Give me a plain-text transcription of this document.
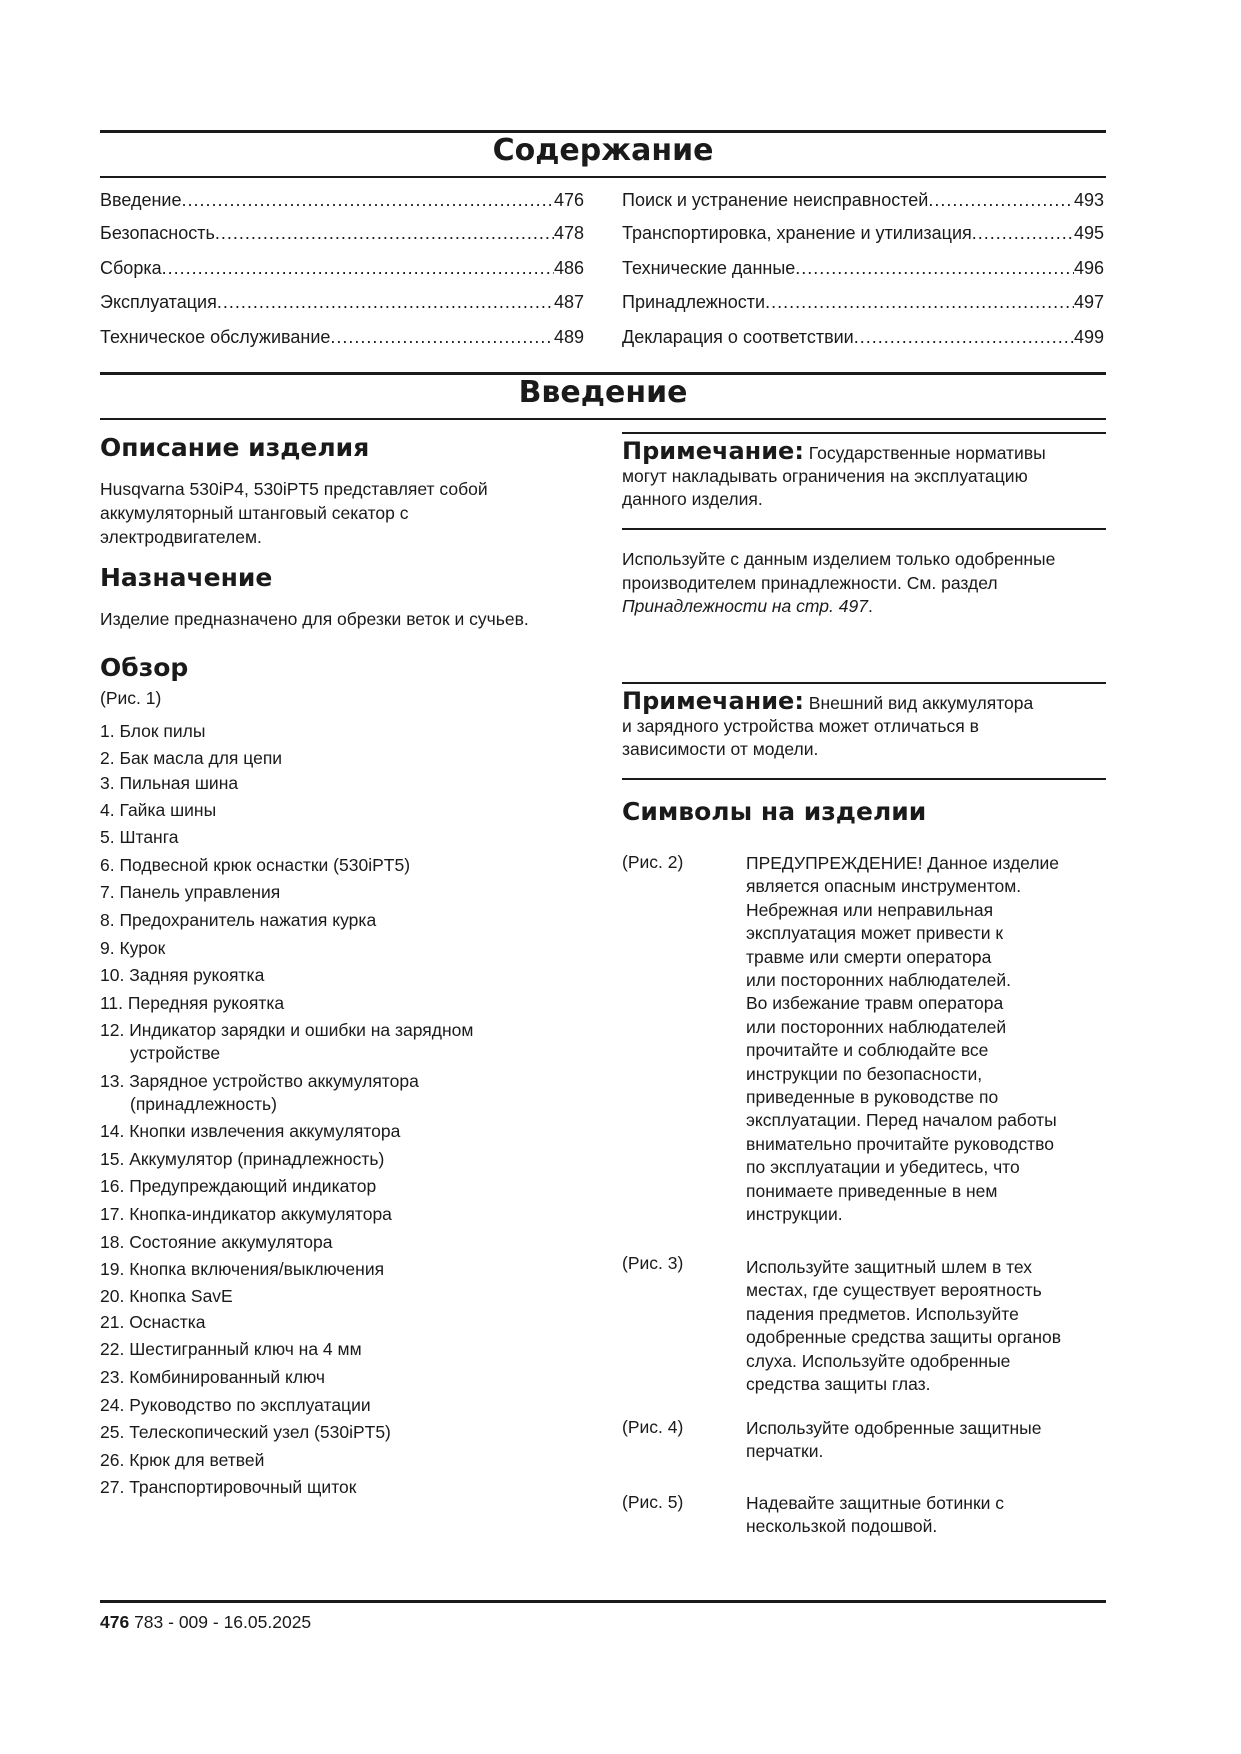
Содержание
Введение .....	476
Безопасность .....	478
Сборка .....	486
Эксплуатация .....	487
Техническое обслуживание .....	489
Поиск и устранение неисправностей .....	493
Транспортировка, хранение и утилизация .....	495
Технические данные .....	496
Принадлежности .....	497
Декларация о соответствии .....	499
Введение
Описание изделия

Husqvarna 530iP4, 530iPT5 представляет собой аккумуляторный штанговый секатор с электродвигателем.

Назначение

Изделие предназначено для обрезки веток и сучьев.

Обзор

(Рис. 1)

1. Блок пилы
2. Бак масла для цепи
3. Пильная шина
4. Гайка шины
5. Штанга
6. Подвесной крюк оснастки (530iPT5)
7. Панель управления
8. Предохранитель нажатия курка
9. Курок
10. Задняя рукоятка
11. Передняя рукоятка
12. Индикатор зарядки и ошибки на зарядном
устройстве
13. Зарядное устройство аккумулятора
(принадлежность)
14. Кнопки извлечения аккумулятора
15. Аккумулятор (принадлежность)
16. Предупреждающий индикатор
17. Кнопка-индикатор аккумулятора
18. Состояние аккумулятора
19. Кнопка включения/выключения
20. Кнопка SavE
21. Оснастка
22. Шестигранный ключ на 4 мм
23. Комбинированный ключ
24. Руководство по эксплуатации
25. Телескопический узел (530iPT5)
26. Крюк для ветвей
27. Транспортировочный щиток
Примечание: Государственные нормативы
могут накладывать ограничения на эксплуатацию
данного изделия.
Используйте с данным изделием только одобренные
производителем принадлежности. См. раздел
Принадлежности на стр. 497.
Примечание: Внешний вид аккумулятора
и зарядного устройства может отличаться в
зависимости от модели.
Символы на изделии
(Рис. 2)	ПРЕДУПРЕЖДЕНИЕ! Данное изделие
является опасным инструментом.
Небрежная или неправильная
эксплуатация может привести к
травме или смерти оператора
или посторонних наблюдателей.
Во избежание травм оператора
или посторонних наблюдателей
прочитайте и соблюдайте все
инструкции по безопасности,
приведенные в руководстве по
эксплуатации. Перед началом работы
внимательно прочитайте руководство
по эксплуатации и убедитесь, что
понимаете приведенные в нем
инструкции.
(Рис. 3)	Используйте защитный шлем в тех
местах, где существует вероятность
падения предметов. Используйте
одобренные средства защиты органов
слуха. Используйте одобренные
средства защиты глаз.
(Рис. 4)	Используйте одобренные защитные
перчатки.
(Рис. 5)	Надевайте защитные ботинки с
нескользкой подошвой.
476 783 - 009 - 16.05.2025
